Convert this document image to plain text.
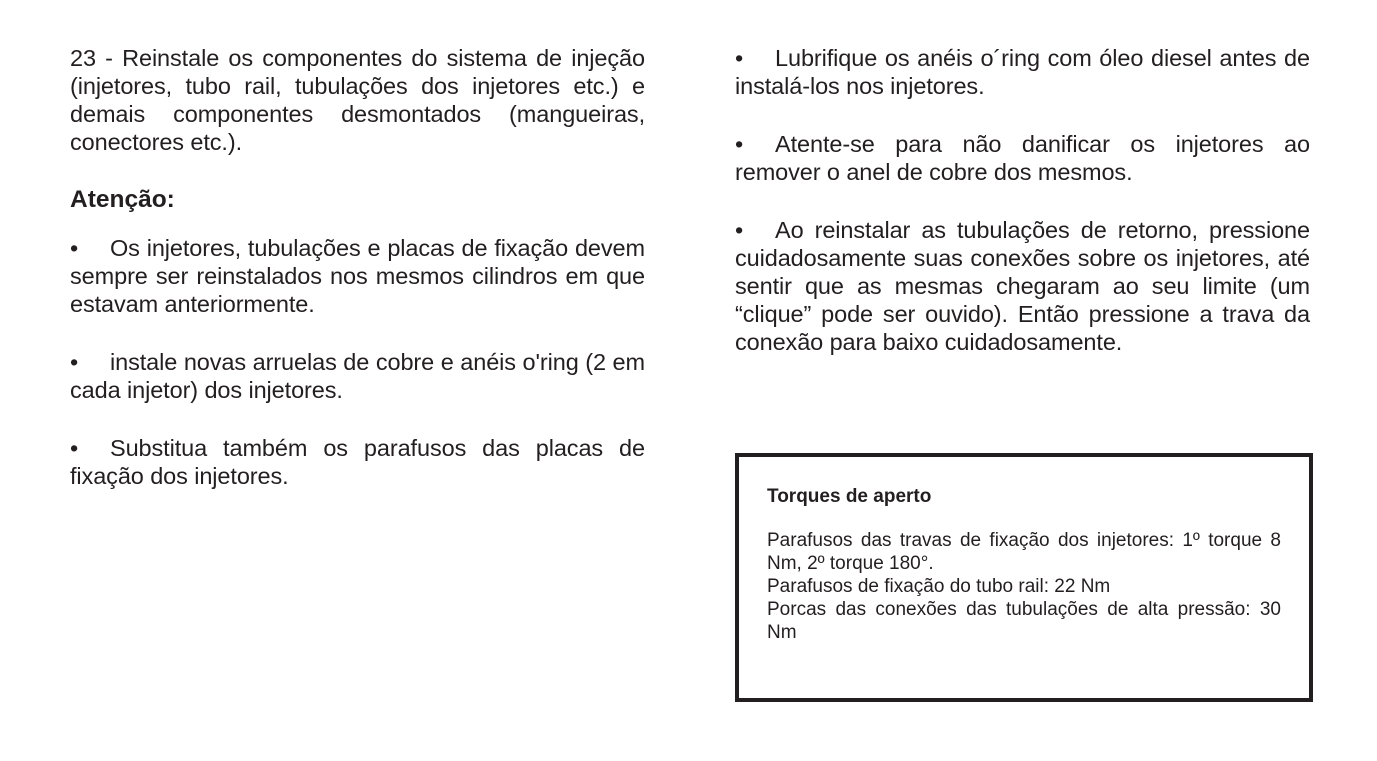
23 - Reinstale os componentes do sistema de injeção (injetores, tubo rail, tubulações dos injetores etc.) e demais componentes desmontados (mangueiras, conectores etc.).

Atenção:

• Os injetores, tubulações e placas de fixação devem sempre ser reinstalados nos mesmos cilindros em que estavam anteriormente.

• instale novas arruelas de cobre e anéis o'ring (2 em cada injetor) dos injetores.

• Substitua também os parafusos das placas de fixação dos injetores.

• Lubrifique os anéis o´ring com óleo diesel antes de instalá-los nos injetores.

• Atente-se para não danificar os injetores ao remover o anel de cobre dos mesmos.

• Ao reinstalar as tubulações de retorno, pressione cuidadosamente suas conexões sobre os injetores, até sentir que as mesmas chegaram ao seu limite (um “clique” pode ser ouvido). Então pressione a trava da conexão para baixo cuidadosamente.

Torques de aperto

Parafusos das travas de fixação dos injetores: 1º torque 8 Nm, 2º torque 180°.

Parafusos de fixação do tubo rail: 22 Nm

Porcas das conexões das tubulações de alta pressão: 30 Nm
